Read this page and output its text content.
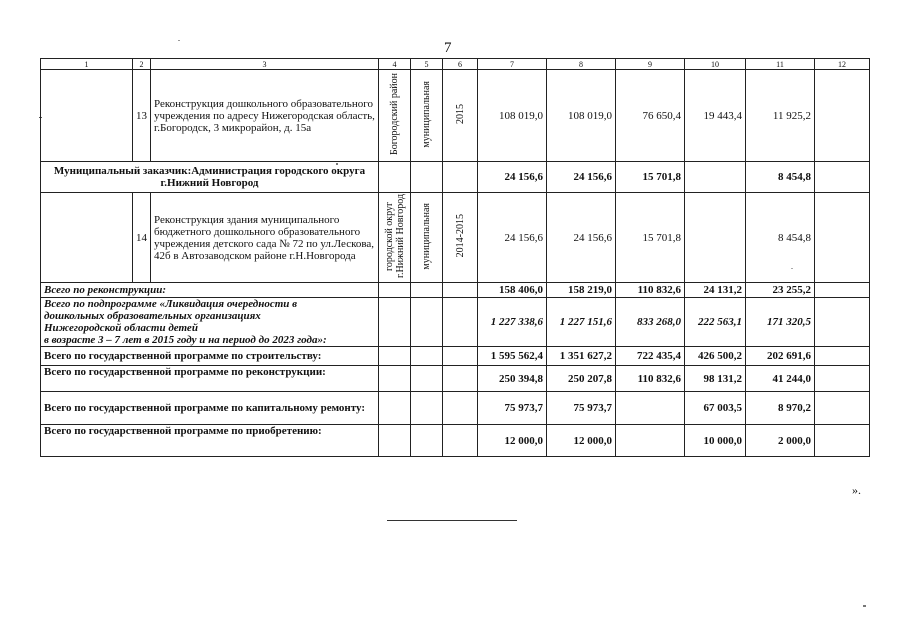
7
1	2	3	4	5	6	7	8	9	10	11	12
	13	Реконструкция дошкольного образовательного учреждения по адресу Нижегородская область, г.Богородск, 3 микрорайон, д. 15а	Богородский район	муниципальная	2015	108 019,0	108 019,0	76 650,4	19 443,4	11 925,2	
Муниципальный заказчик:Администрация городского округа г.Нижний Новгород						24 156,6	24 156,6	15 701,8		8 454,8	
	14	Реконструкция здания муниципального бюджетного дошкольного образовательного учреждения детского сада № 72 по ул.Лескова, 42б в Автозаводском районе г.Н.Новгорода	городской округ г.Нижний Новгород	муниципальная	2014-2015	24 156,6	24 156,6	15 701,8		8 454,8	
Всего по реконструкции:						158 406,0	158 219,0	110 832,6	24 131,2	23 255,2	

Всего по подпрограмме «Ликвидация очередности в
дошкольных образовательных организациях
Нижегородской области детей
в возрасте 3 – 7 лет в 2015 году и на период до 2023 года»:						1 227 338,6	1 227 151,6	833 268,0	222 563,1	171 320,5	
Всего по государственной программе по строительству:						1 595 562,4	1 351 627,2	722 435,4	426 500,2	202 691,6	
Всего по государственной программе по реконструкции:						250 394,8	250 207,8	110 832,6	98 131,2	41 244,0	
Всего по государственной программе по капитальному ремонту:						75 973,7	75 973,7		67 003,5	8 970,2	
Всего по государственной программе по приобретению:						12 000,0	12 000,0		10 000,0	2 000,0	
».
